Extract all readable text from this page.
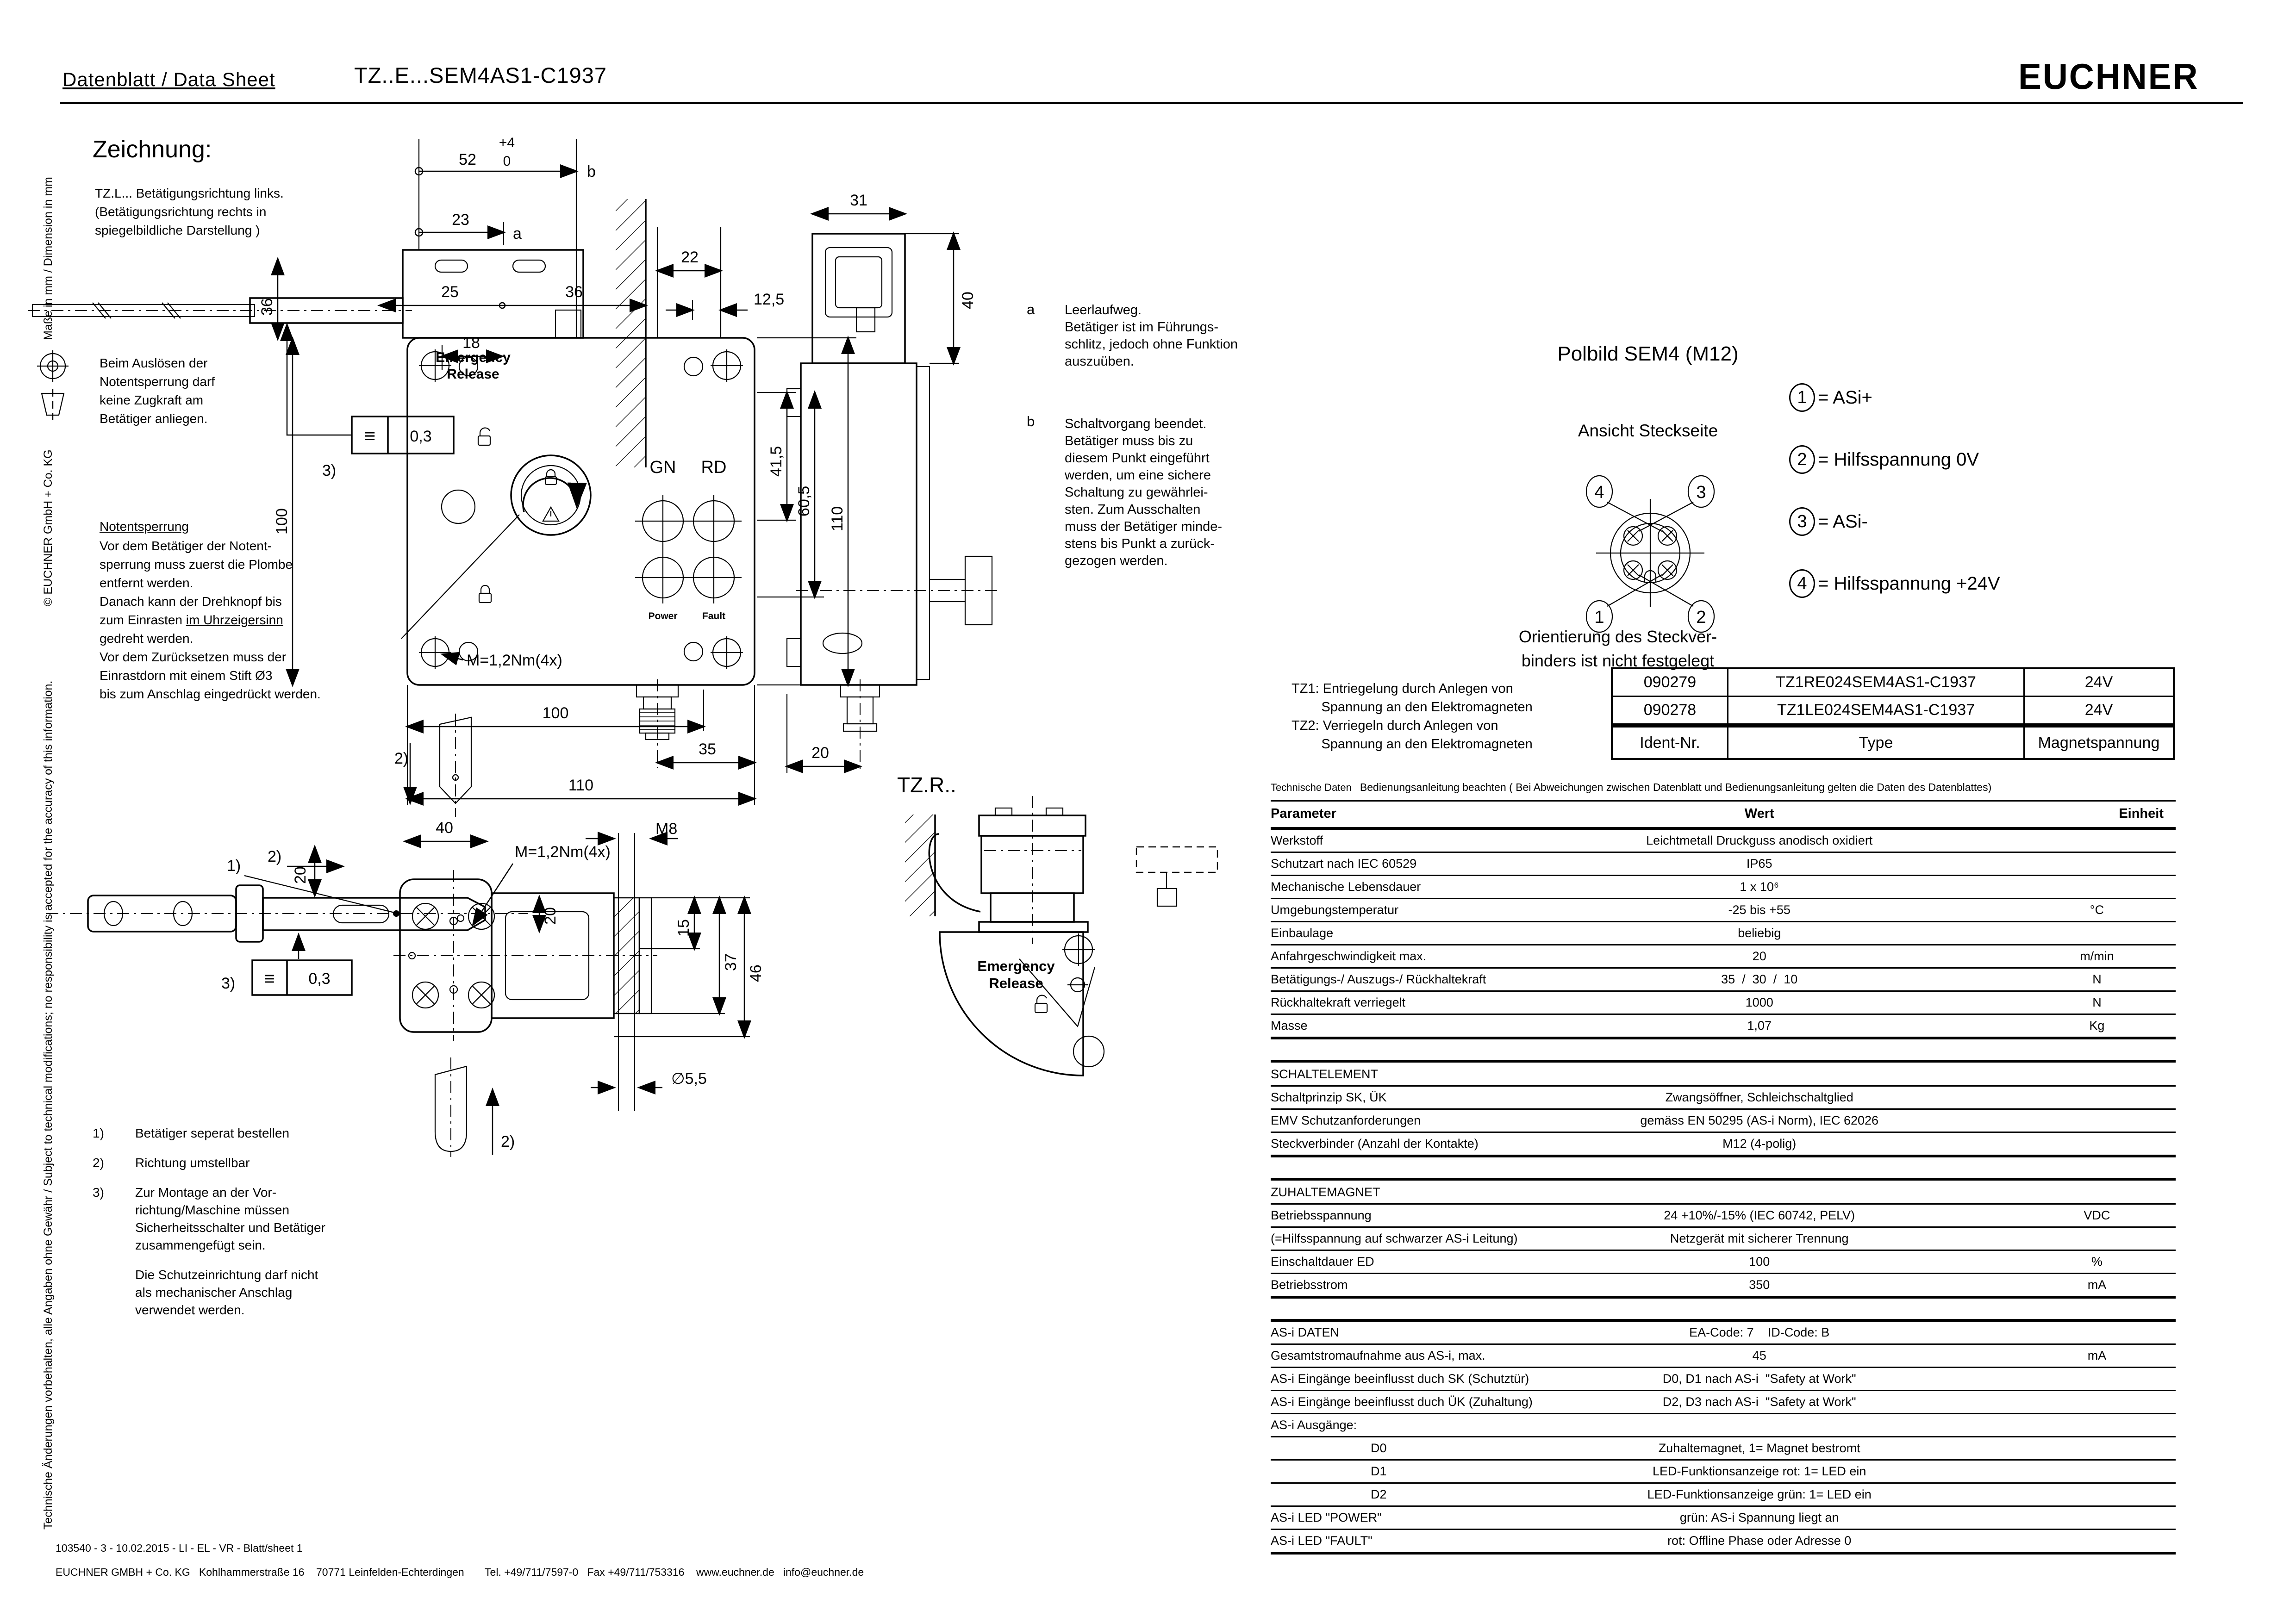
Datenblatt / Data Sheet	TZ..E...SEM4AS1-C1937	EUCHNER
Technische Änderungen vorbehalten, alle Angaben ohne Gewähr / Subject to technical modifications; no responsibility is accepted for the accuracy of this information.
© EUCHNER GmbH + Co. KG
Maße in mm / Dimension in mm
Zeichnung:
TZ.L... Betätigungsrichtung links.
(Betätigungsrichtung rechts in
spiegelbildliche Darstellung )
Beim Auslösen der
Notentsperrung darf
keine Zugkraft am
Betätiger anliegen.
Notentsperrung
Vor dem Betätiger der Notent-
sperrung muss zuerst die Plombe
entfernt werden.
Danach kann der Drehknopf bis
zum Einrasten im Uhrzeigersinn
gedreht werden.
Vor dem Zurücksetzen muss der
Einrastdorn mit einem Stift Ø3
bis zum Anschlag eingedrückt werden.
≡ 0,3
3)
52
+4
0
b
23
a
25	36
22
12,5
18
36
100
Emergency
Release
GN RD
Power	Fault
M=1,2Nm(4x)
100
35
110
41,5
60,5
110
31
40
20
a Leerlaufweg.
Betätiger ist im Führungs-
schlitz, jedoch ohne Funktion
auszuüben.
b Schaltvorgang beendet.
Betätiger muss bis zu
diesem Punkt eingeführt
werden, um eine sichere
Schaltung zu gewährlei-
sten. Zum Ausschalten
muss der Betätiger minde-
stens bis Punkt a zurück-
gezogen werden.
1)
2)
≡ 0,3
3)
20
2)
40
M=1,2Nm(4x)
M8
15
37
46
∅5,5
20
2)
TZ.R..
Emergency
Release
Polbild SEM4 (M12)
Ansicht Steckseite
4	3
1	2
1 = ASi+
2 = Hilfsspannung 0V
3 = ASi-
4 = Hilfsspannung +24V
Orientierung des Steckver-
binders ist nicht festgelegt
TZ1: Entriegelung durch Anlegen von
Spannung an den Elektromagneten
TZ2: Verriegeln durch Anlegen von
Spannung an den Elektromagneten
090279	TZ1RE024SEM4AS1-C1937	24V
090278	TZ1LE024SEM4AS1-C1937	24V
Ident-Nr.	Type	Magnetspannung
Technische Daten Bedienungsanleitung beachten ( Bei Abweichungen zwischen Datenblatt und Bedienungsanleitung gelten die Daten des Datenblattes)
Parameter	Wert	Einheit
Werkstoff	Leichtmetall Druckguss anodisch oxidiert
Schutzart nach IEC 60529	IP65
Mechanische Lebensdauer	1 x 10⁶
Umgebungstemperatur	-25 bis +55	°C
Einbaulage	beliebig
Anfahrgeschwindigkeit max.	20	m/min
Betätigungs-/ Auszugs-/ Rückhaltekraft	35  /  30  /  10	N
Rückhaltekraft verriegelt	1000	N
Masse	1,07	Kg
SCHALTELEMENT
Schaltprinzip SK, ÜK	Zwangsöffner, Schleichschaltglied
EMV Schutzanforderungen	gemäss EN 50295 (AS-i Norm), IEC 62026
Steckverbinder (Anzahl der Kontakte)	M12 (4-polig)
ZUHALTEMAGNET
Betriebsspannung	24 +10%/-15% (IEC 60742, PELV)	VDC
(=Hilfsspannung auf schwarzer AS-i Leitung)	Netzgerät mit sicherer Trennung
Einschaltdauer ED	100	%
Betriebsstrom	350	mA
AS-i DATEN	EA-Code: 7    ID-Code: B
Gesamtstromaufnahme aus AS-i, max.	45	mA
AS-i Eingänge beeinflusst duch SK (Schutztür)	D0, D1 nach AS-i  "Safety at Work"
AS-i Eingänge beeinflusst duch ÜK (Zuhaltung)	D2, D3 nach AS-i  "Safety at Work"
AS-i Ausgänge:
D0	Zuhaltemagnet, 1= Magnet bestromt
D1	LED-Funktionsanzeige rot: 1= LED ein
D2	LED-Funktionsanzeige grün: 1= LED ein
AS-i LED "POWER"	grün: AS-i Spannung liegt an
AS-i LED "FAULT"	rot: Offline Phase oder Adresse 0
1)	Betätiger seperat bestellen
2)	Richtung umstellbar
3)	Zur Montage an der Vor-
richtung/Maschine müssen
Sicherheitsschalter und Betätiger
zusammengefügt sein.
Die Schutzeinrichtung darf nicht
als mechanischer Anschlag
verwendet werden.
103540 - 3 - 10.02.2015 - LI - EL - VR - Blatt/sheet 1
EUCHNER GMBH + Co. KG   Kohlhammerstraße 16    70771 Leinfelden-Echterdingen       Tel. +49/711/7597-0   Fax +49/711/753316    www.euchner.de   info@euchner.de
